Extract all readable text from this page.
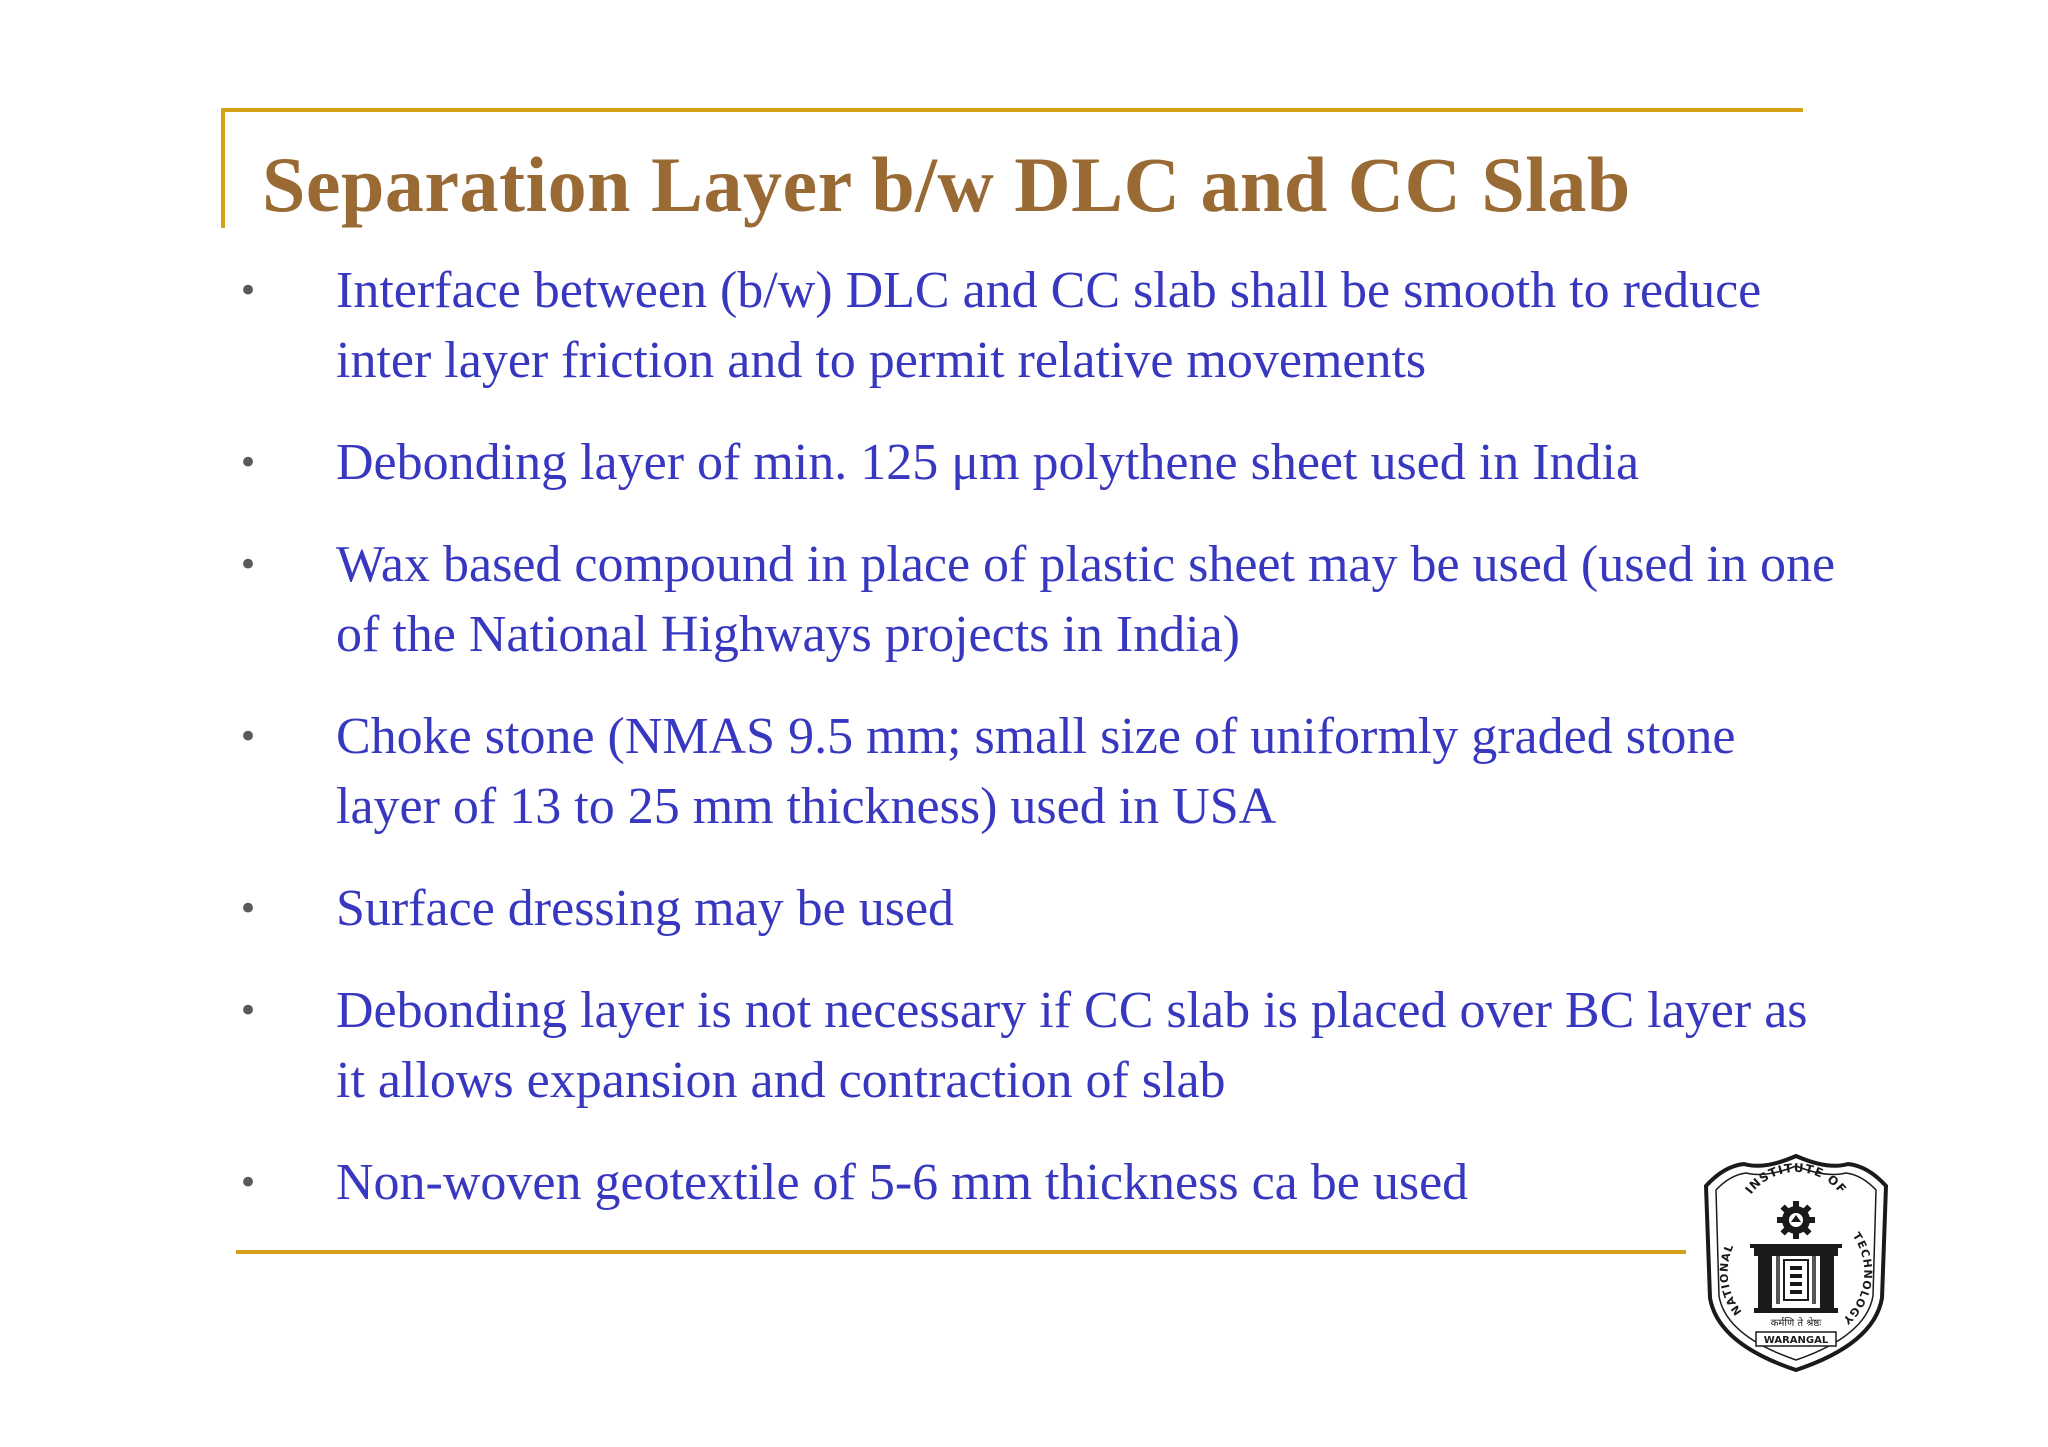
Separation Layer b/w DLC and CC Slab
• Interface between (b/w) DLC and CC slab shall be smooth to reduce inter layer friction and to permit relative movements
• Debonding layer of min. 125 μm polythene sheet used in India
• Wax based compound in place of plastic sheet may be used (used in one of the National Highways projects in India)
• Choke stone (NMAS 9.5 mm; small size of uniformly graded stone layer of 13 to 25 mm thickness) used in USA
• Surface dressing may be used
• Debonding layer is not necessary if CC slab is placed over BC layer as it allows expansion and contraction of slab
• Non-woven geotextile of 5-6 mm thickness ca be used	INSTITUTE OF
NATIONAL
TECHNOLOGY
कर्मणि ते श्रेष्ठः
WARANGAL
